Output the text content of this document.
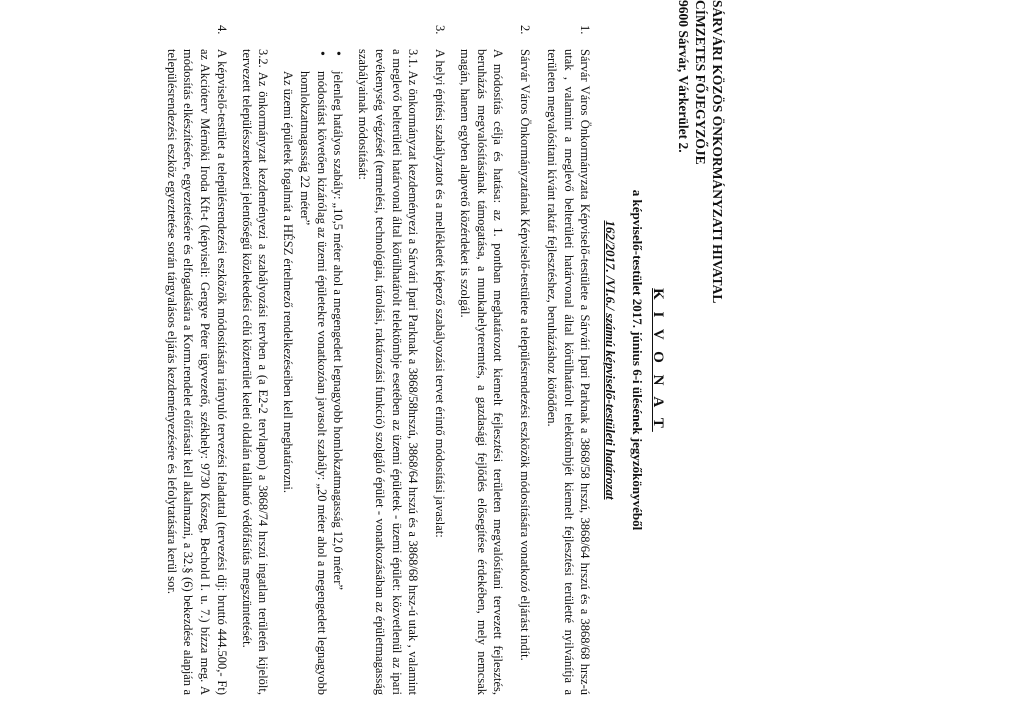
SÁRVÁRI KÖZÖS ÖNKORMÁNYZATI HIVATAL
CÍMZETES FŐJEGYZŐJE
9600 Sárvár, Várkerület 2.
K I V O N A T
a képviselő-testület 2017. június 6-i ülésének jegyzőkönyvéből
162/2017. /VI.6./ számú képviselő-testületi határozat
1.
Sárvár Város Önkormányzata Képviselő-testülete a Sárvári Ipari Parknak a 3868/58 hrszú, 3868/64 hrszú és a 3868/68 hrsz-ú utak , valamint a meglevő belterületi határvonal által körülhatárolt telektömbjét kiemelt fejlesztési területté nyilvánítja a területen megvalósítani kívánt raktár fejlesztéshez, beruházáshoz kötődően.
2.
Sárvár Város Önkormányzatának Képviselő-testülete a településrendezési eszközök módosítására vonatkozó eljárást indít.
A módosítás célja és hatása: az 1. pontban meghatározott kiemelt fejlesztési területen megvalósítani tervezett fejlesztés, beruházás megvalósításának támogatása, a munkahelyteremtés, a gazdasági fejlődés elősegítése érdekében, mely nemcsak magán, hanem egyben alapvető közérdeket is szolgál.
3.
A helyi építési szabályzatot és a mellékletét képező szabályozási tervet érintő módosítási javaslat:
3.1. Az önkormányzat kezdeményezi a Sárvári Ipari Parknak a 3868/58hrszú, 3868/64 hrszú és a 3868/68 hrsz-ú utak , valamint a meglevő belterületi határvonal által körülhatárolt telektömbje esetében az üzemi épületek - üzemi épület: közvetlenül az ipari tevékenység végzését (termelési, technológiai, tárolási, raktározási funkció) szolgáló épület - vonatkozásában az épületmagasság szabályainak módosítását:
• jelenleg hatályos szabály: „10,5 méter ahol a megengedett legnagyobb homlokzatmagasság 12,0 méter”
• módosítást követően kizárólag az üzemi épületekre vonatkozóan javasolt szabály: „20 méter ahol a megengedett legnagyobb homlokzatmagasság 22 méter”
Az üzemi épületek fogalmát a HÉSZ értelmező rendelkezéseiben kell meghatározni.
3.2. Az önkormányzat kezdeményezi a szabályozási tervben a (a E2-2 tervlapon) a 3868/74 hrszú ingatlan területén kijelölt, tervezett településszerkezeti jelentőségű közlekedési célú közterület keleti oldalán található védőfásítás megszüntetését.
4.
A képviselő-testület a településrendezési eszközök módosítására irányuló tervezési feladattal (tervezési díj: bruttó 444.500,- Ft) az Akcióterv Mérnöki Iroda Kft-t (képviseli: Gergye Péter ügyvezető, székhely: 9730 Kőszeg, Bechold I. u. 7.) bízza meg. A módosítás elkészítésére, egyeztetésére és elfogadására a Korm.rendelet előírásait kell alkalmazni, a 32.§ (6) bekezdése alapján a településrendezési eszköz egyeztetése során tárgyalásos eljárás kezdeményezésére és lefolytatására kerül sor.
